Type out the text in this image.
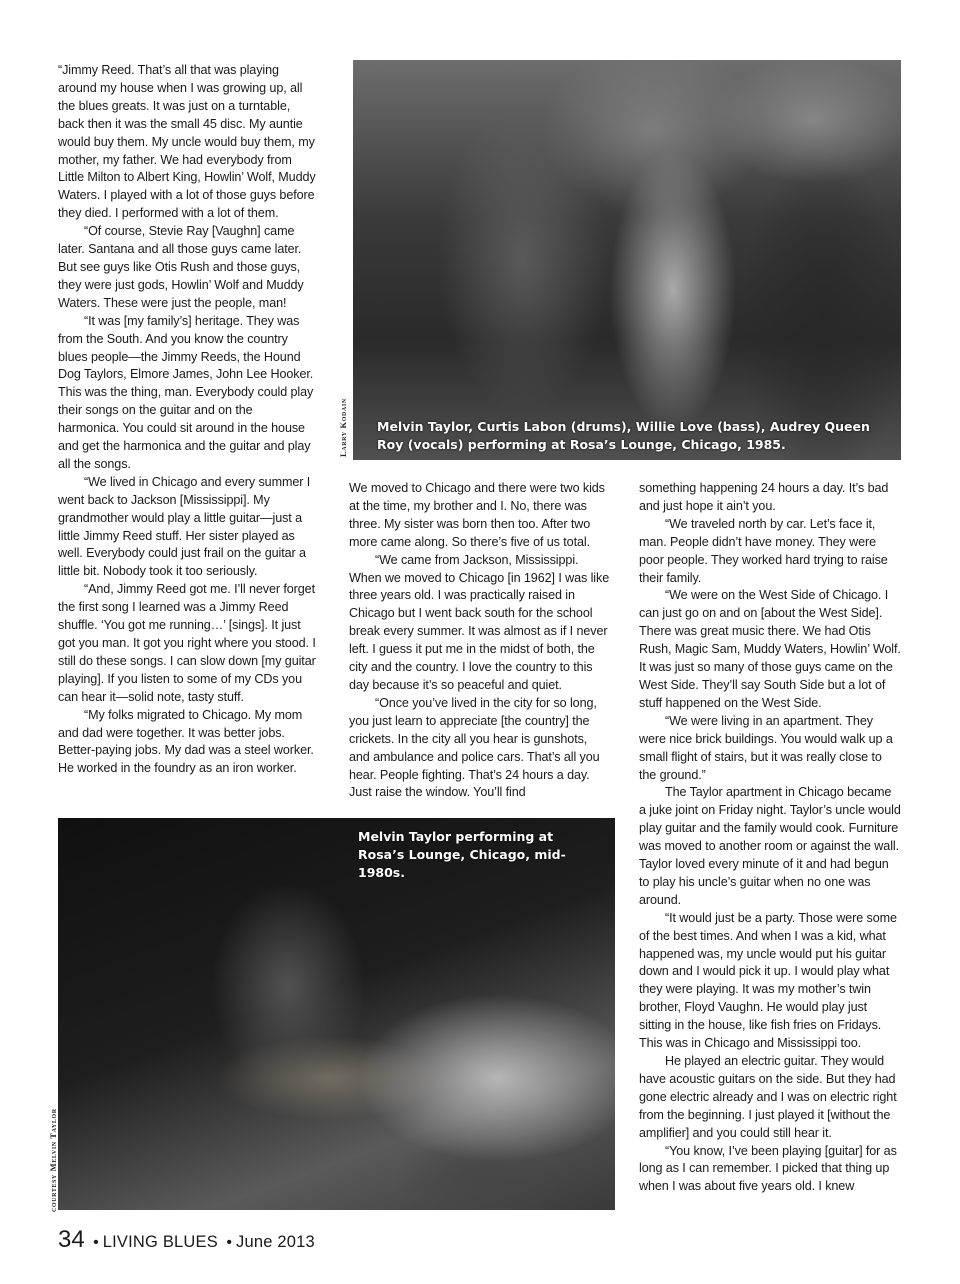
“Jimmy Reed. That’s all that was playing around my house when I was growing up, all the blues greats. It was just on a turntable, back then it was the small 45 disc. My auntie would buy them. My uncle would buy them, my mother, my father. We had everybody from Little Milton to Albert King, Howlin’ Wolf, Muddy Waters. I played with a lot of those guys before they died. I performed with a lot of them.

“Of course, Stevie Ray [Vaughn] came later. Santana and all those guys came later. But see guys like Otis Rush and those guys, they were just gods, Howlin’ Wolf and Muddy Waters. These were just the people, man!

“It was [my family’s] heritage. They was from the South. And you know the country blues people—the Jimmy Reeds, the Hound Dog Taylors, Elmore James, John Lee Hooker. This was the thing, man. Everybody could play their songs on the guitar and on the harmonica. You could sit around in the house and get the harmonica and the guitar and play all the songs.

“We lived in Chicago and every summer I went back to Jackson [Mississippi]. My grandmother would play a little guitar—just a little Jimmy Reed stuff. Her sister played as well. Everybody could just frail on the guitar a little bit. Nobody took it too seriously.

“And, Jimmy Reed got me. I’ll never forget the first song I learned was a Jimmy Reed shuffle. ‘You got me running…’ [sings]. It just got you man. It got you right where you stood. I still do these songs. I can slow down [my guitar playing]. If you listen to some of my CDs you can hear it—solid note, tasty stuff.

“My folks migrated to Chicago. My mom and dad were together. It was better jobs. Better-paying jobs. My dad was a steel worker. He worked in the foundry as an iron worker.

Melvin Taylor, Curtis Labon (drums), Willie Love (bass), Audrey Queen Roy (vocals) performing at Rosa’s Lounge, Chicago, 1985.
Larry Kodain

We moved to Chicago and there were two kids at the time, my brother and I. No, there was three. My sister was born then too. After two more came along. So there’s five of us total.

“We came from Jackson, Mississippi. When we moved to Chicago [in 1962] I was like three years old. I was practically raised in Chicago but I went back south for the school break every summer. It was almost as if I never left. I guess it put me in the midst of both, the city and the country. I love the country to this day because it’s so peaceful and quiet.

“Once you’ve lived in the city for so long, you just learn to appreciate [the country] the crickets. In the city all you hear is gunshots, and ambulance and police cars. That’s all you hear. People fighting. That’s 24 hours a day. Just raise the window. You’ll find

something happening 24 hours a day. It’s bad and just hope it ain’t you.

“We traveled north by car. Let’s face it, man. People didn’t have money. They were poor people. They worked hard trying to raise their family.

“We were on the West Side of Chicago. I can just go on and on [about the West Side]. There was great music there. We had Otis Rush, Magic Sam, Muddy Waters, Howlin’ Wolf. It was just so many of those guys came on the West Side. They’ll say South Side but a lot of stuff happened on the West Side.

“We were living in an apartment. They were nice brick buildings. You would walk up a small flight of stairs, but it was really close to the ground.”

The Taylor apartment in Chicago became a juke joint on Friday night. Taylor’s uncle would play guitar and the family would cook. Furniture was moved to another room or against the wall. Taylor loved every minute of it and had begun to play his uncle’s guitar when no one was around.

“It would just be a party. Those were some of the best times. And when I was a kid, what happened was, my uncle would put his guitar down and I would pick it up. I would play what they were playing. It was my mother’s twin brother, Floyd Vaughn. He would play just sitting in the house, like fish fries on Fridays. This was in Chicago and Mississippi too.

He played an electric guitar. They would have acoustic guitars on the side. But they had gone electric already and I was on electric right from the beginning. I just played it [without the amplifier] and you could still hear it.

“You know, I’ve been playing [guitar] for as long as I can remember. I picked that thing up when I was about five years old. I knew

Melvin Taylor performing at Rosa’s Lounge, Chicago, mid-1980s.
courtesy Melvin Taylor
34 • LIVING BLUES • June 2013
